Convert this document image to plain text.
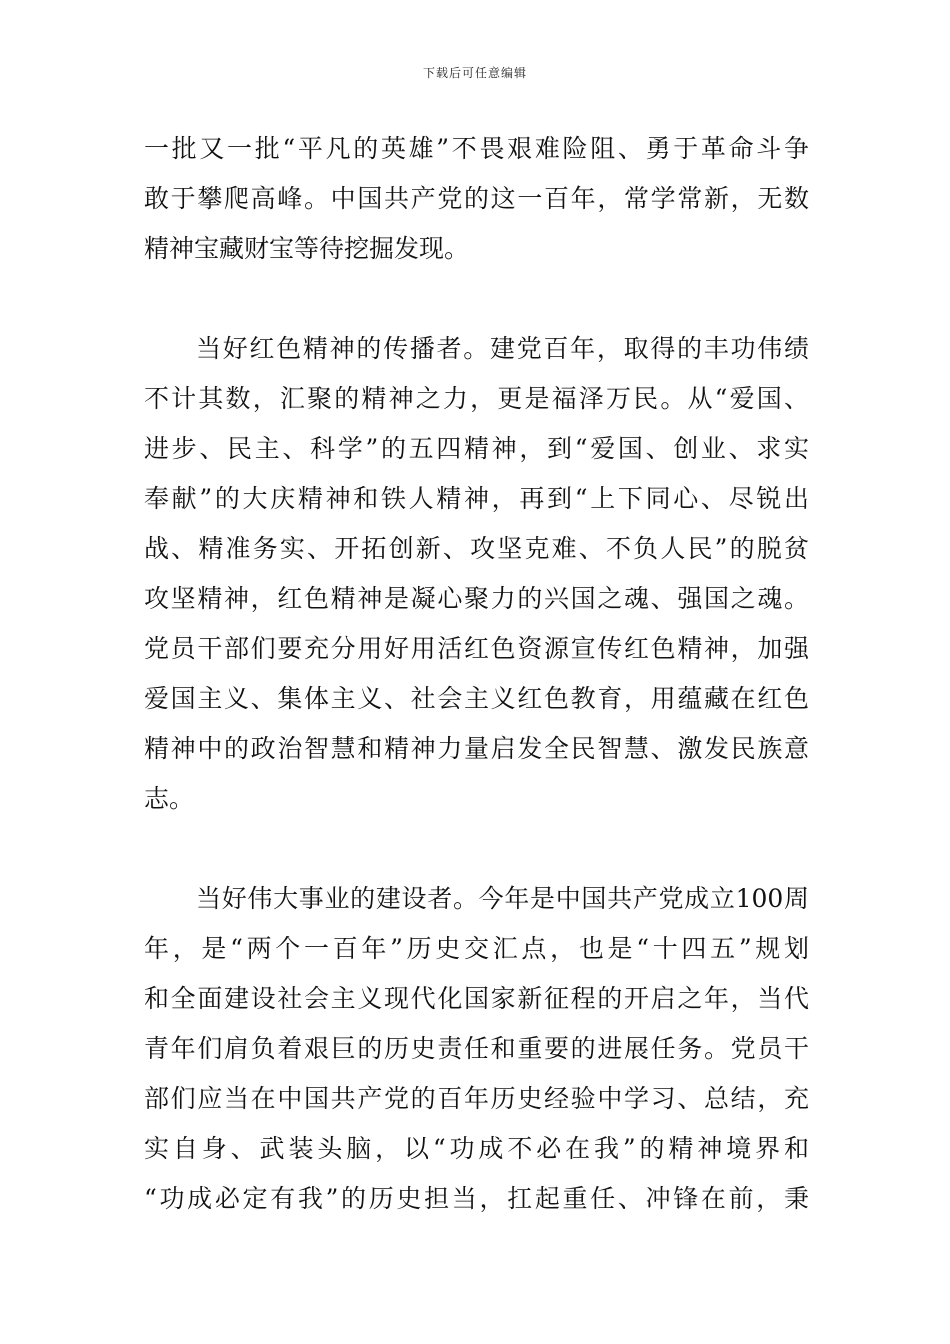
下载后可任意编辑
一批又一批“平凡的英雄”不畏艰难险阻、勇于革命斗争
敢于攀爬高峰。中国共产党的这一百年，常学常新，无数
精神宝藏财宝等待挖掘发现。
当好红色精神的传播者。建党百年，取得的丰功伟绩
不计其数，汇聚的精神之力，更是福泽万民。从“爱国、
进步、民主、科学”的五四精神，到“爱国、创业、求实
奉献”的大庆精神和铁人精神，再到“上下同心、尽锐出
战、精准务实、开拓创新、攻坚克难、不负人民”的脱贫
攻坚精神，红色精神是凝心聚力的兴国之魂、强国之魂。
党员干部们要充分用好用活红色资源宣传红色精神，加强
爱国主义、集体主义、社会主义红色教育，用蕴藏在红色
精神中的政治智慧和精神力量启发全民智慧、激发民族意
志。
当好伟大事业的建设者。今年是中国共产党成立100周
年，是“两个一百年”历史交汇点，也是“十四五”规划
和全面建设社会主义现代化国家新征程的开启之年，当代
青年们肩负着艰巨的历史责任和重要的进展任务。党员干
部们应当在中国共产党的百年历史经验中学习、总结，充
实自身、武装头脑，以“功成不必在我”的精神境界和
“功成必定有我”的历史担当，扛起重任、冲锋在前，秉
